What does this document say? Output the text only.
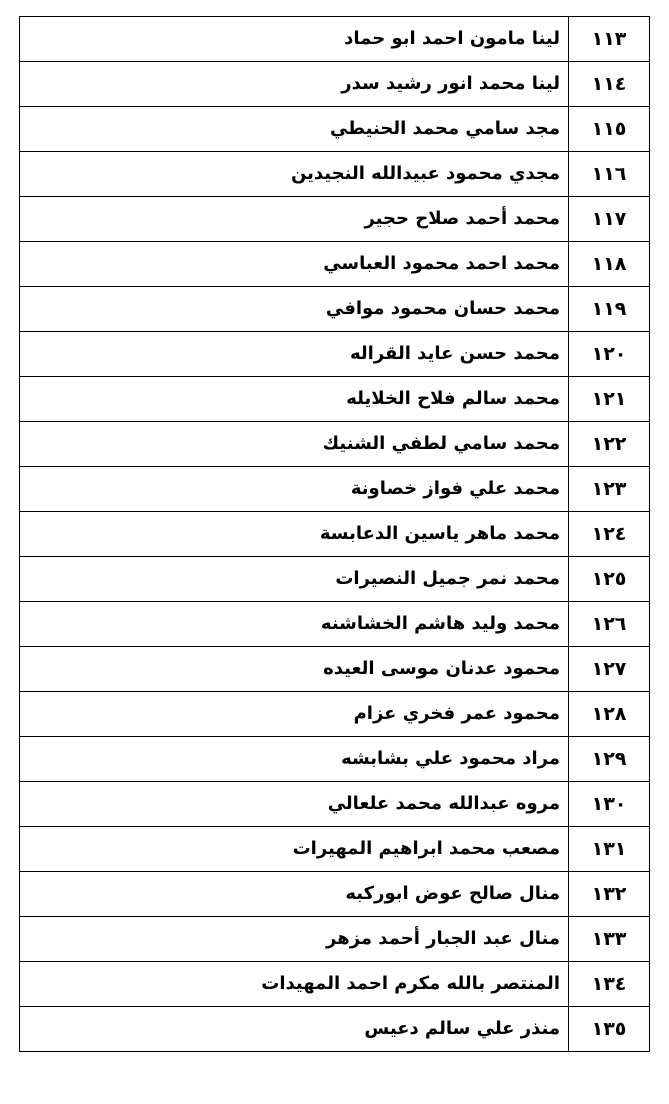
١١٣	لينا مامون احمد ابو حماد
١١٤	لينا محمد انور رشيد سدر
١١٥	مجد سامي محمد الحنيطي
١١٦	مجدي محمود عبيدالله النجيدين
١١٧	محمد أحمد صلاح حجير
١١٨	محمد احمد محمود العباسي
١١٩	محمد حسان محمود موافي
١٢٠	محمد حسن عايد القراله
١٢١	محمد سالم فلاح الخلايله
١٢٢	محمد سامي لطفي الشنيك
١٢٣	محمد علي فواز خصاونة
١٢٤	محمد ماهر ياسين الدعابسة
١٢٥	محمد نمر جميل النصيرات
١٢٦	محمد وليد هاشم الخشاشنه
١٢٧	محمود عدنان موسى العيده
١٢٨	محمود عمر فخري عزام
١٢٩	مراد محمود علي بشابشه
١٣٠	مروه عبدالله محمد علعالي
١٣١	مصعب محمد ابراهيم المهيرات
١٣٢	منال صالح عوض ابوركبه
١٣٣	منال عبد الجبار أحمد مزهر
١٣٤	المنتصر بالله مكرم احمد المهيدات
١٣٥	منذر علي سالم دعيس
